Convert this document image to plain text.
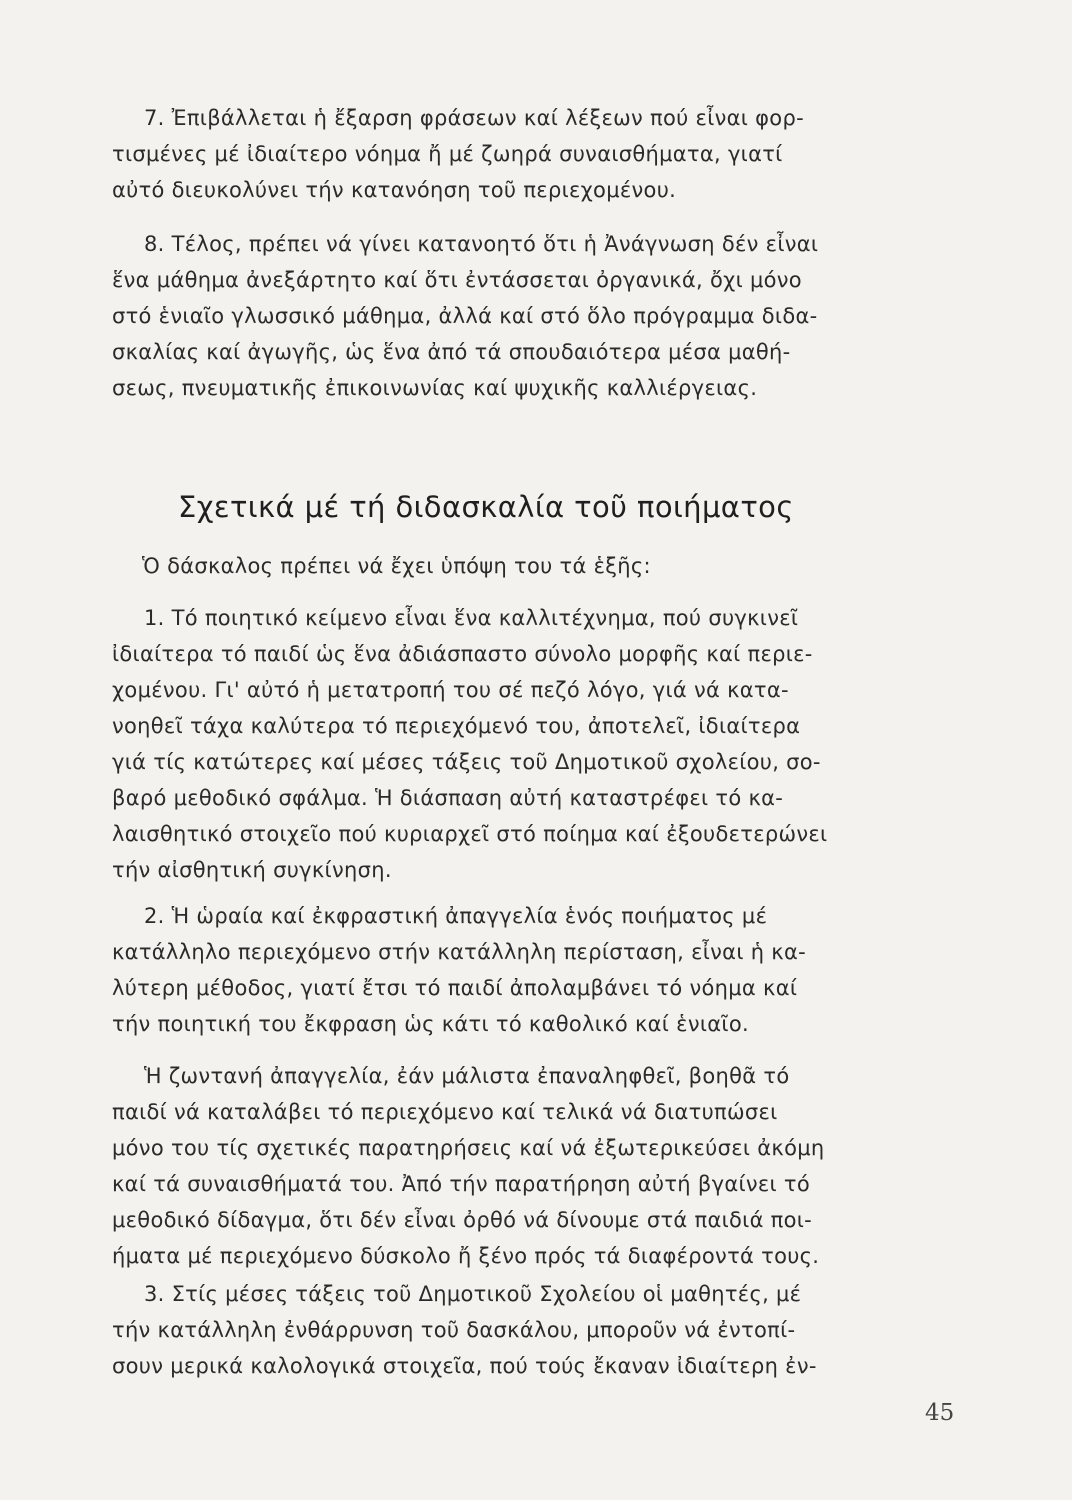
7. Ἐπιβάλλεται ἡ ἔξαρση φράσεων καί λέξεων πού εἶναι φορ-
τισμένες μέ ἰδιαίτερο νόημα ἤ μέ ζωηρά συναισθήματα, γιατί
αὐτό διευκολύνει τήν κατανόηση τοῦ περιεχομένου.
8. Τέλος, πρέπει νά γίνει κατανοητό ὅτι ἡ Ἀνάγνωση δέν εἶναι
ἕνα μάθημα ἀνεξάρτητο καί ὅτι ἐντάσσεται ὀργανικά, ὄχι μόνο
στό ἑνιαῖο γλωσσικό μάθημα, ἀλλά καί στό ὅλο πρόγραμμα διδα-
σκαλίας καί ἀγωγῆς, ὡς ἕνα ἀπό τά σπουδαιότερα μέσα μαθή-
σεως, πνευματικῆς ἐπικοινωνίας καί ψυχικῆς καλλιέργειας.
Σχετικά μέ τή διδασκαλία τοῦ ποιήματος
Ὁ δάσκαλος πρέπει νά ἔχει ὑπόψη του τά ἑξῆς:
1. Τό ποιητικό κείμενο εἶναι ἕνα καλλιτέχνημα, πού συγκινεῖ
ἰδιαίτερα τό παιδί ὡς ἕνα ἀδιάσπαστο σύνολο μορφῆς καί περιε-
χομένου. Γι' αὐτό ἡ μετατροπή του σέ πεζό λόγο, γιά νά κατα-
νοηθεῖ τάχα καλύτερα τό περιεχόμενό του, ἀποτελεῖ, ἰδιαίτερα
γιά τίς κατώτερες καί μέσες τάξεις τοῦ Δημοτικοῦ σχολείου, σο-
βαρό μεθοδικό σφάλμα. Ἡ διάσπαση αὐτή καταστρέφει τό κα-
λαισθητικό στοιχεῖο πού κυριαρχεῖ στό ποίημα καί ἐξουδετερώνει
τήν αἰσθητική συγκίνηση.
2. Ἡ ὡραία καί ἐκφραστική ἀπαγγελία ἑνός ποιήματος μέ
κατάλληλο περιεχόμενο στήν κατάλληλη περίσταση, εἶναι ἡ κα-
λύτερη μέθοδος, γιατί ἔτσι τό παιδί ἀπολαμβάνει τό νόημα καί
τήν ποιητική του ἔκφραση ὡς κάτι τό καθολικό καί ἑνιαῖο.
Ἡ ζωντανή ἀπαγγελία, ἐάν μάλιστα ἐπαναληφθεῖ, βοηθᾶ τό
παιδί νά καταλάβει τό περιεχόμενο καί τελικά νά διατυπώσει
μόνο του τίς σχετικές παρατηρήσεις καί νά ἐξωτερικεύσει ἀκόμη
καί τά συναισθήματά του. Ἀπό τήν παρατήρηση αὐτή βγαίνει τό
μεθοδικό δίδαγμα, ὅτι δέν εἶναι ὀρθό νά δίνουμε στά παιδιά ποι-
ήματα μέ περιεχόμενο δύσκολο ἤ ξένο πρός τά διαφέροντά τους.
3. Στίς μέσες τάξεις τοῦ Δημοτικοῦ Σχολείου οἱ μαθητές, μέ
τήν κατάλληλη ἐνθάρρυνση τοῦ δασκάλου, μποροῦν νά ἐντοπί-
σουν μερικά καλολογικά στοιχεῖα, πού τούς ἔκαναν ἰδιαίτερη ἐν-
45
